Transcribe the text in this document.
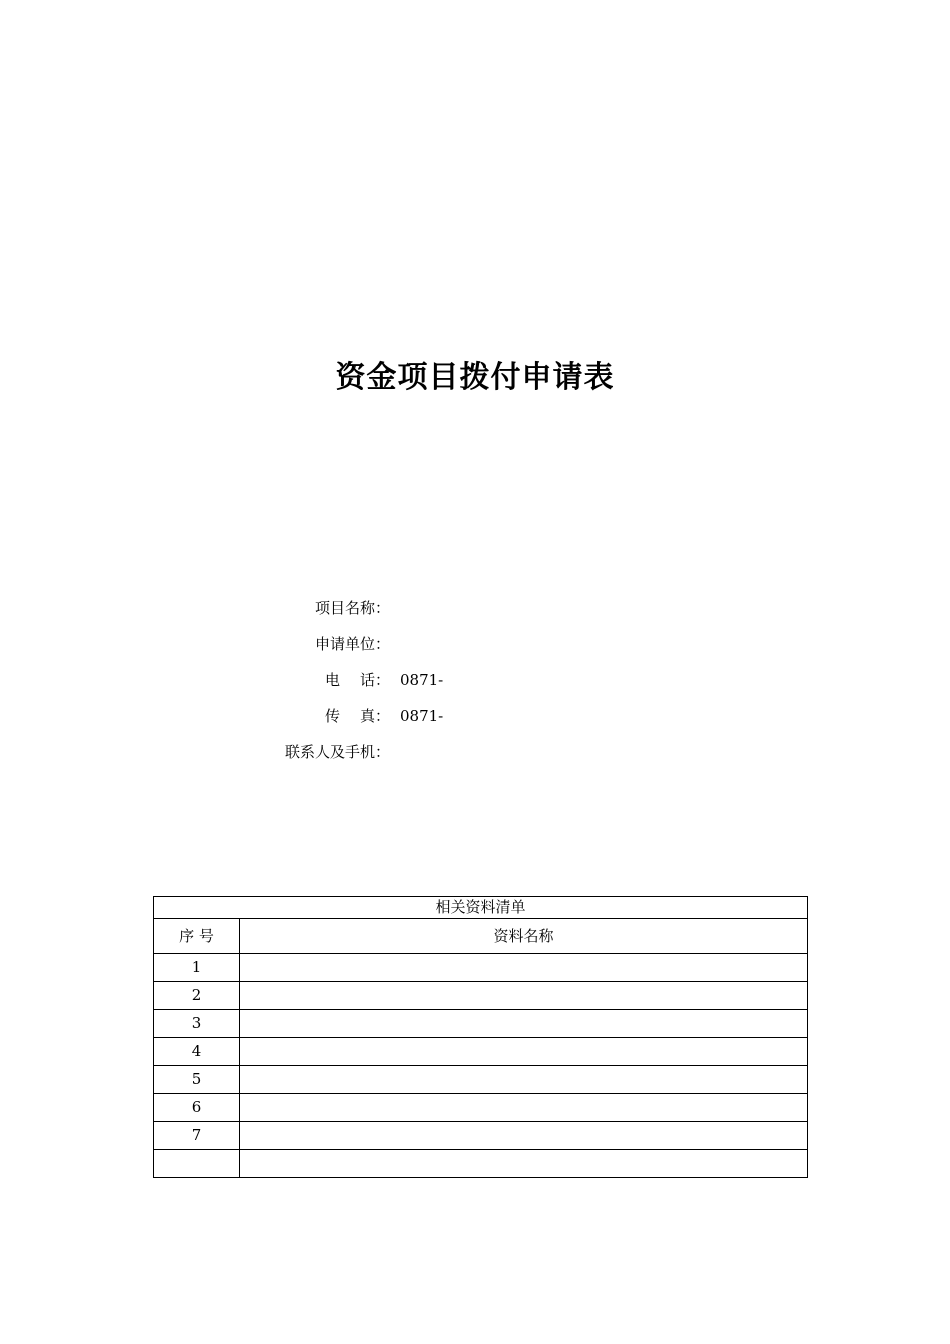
资金项目拨付申请表
项目名称：
申请单位：
电 话： 0871-
传 真： 0871-
联系人及手机：
相关资料清单	
序 号	资料名称
1	
2	
3	
4	
5	
6	
7	
